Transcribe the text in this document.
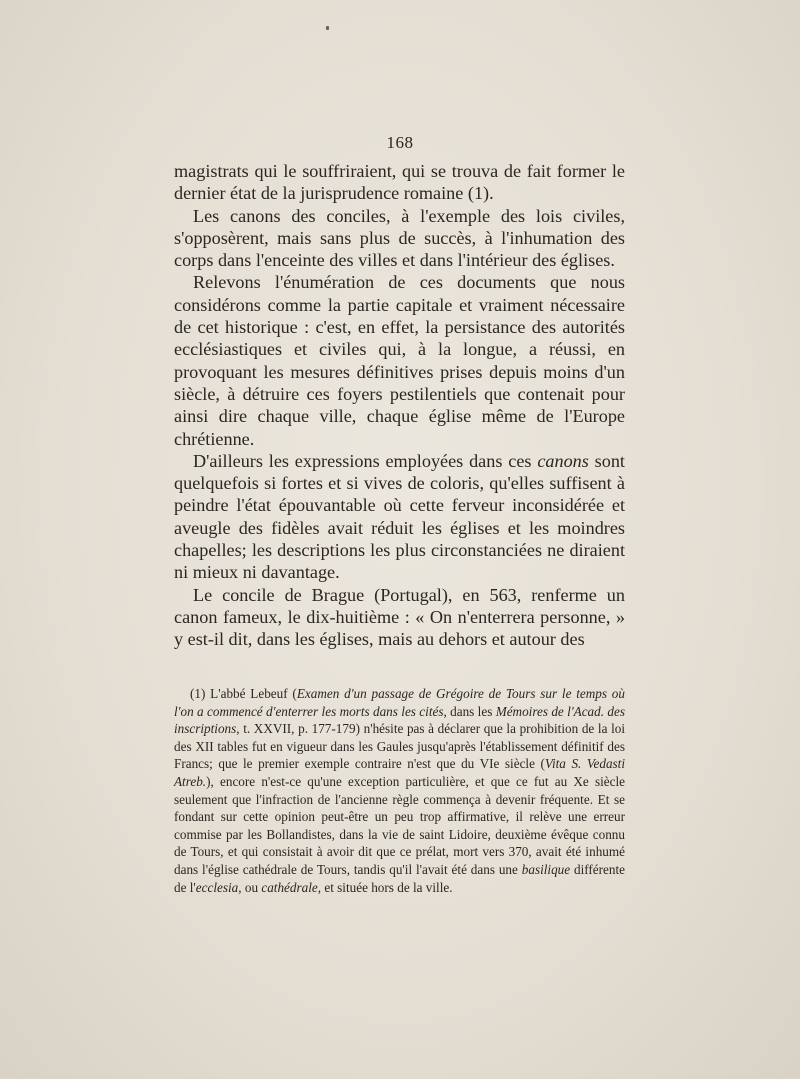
168

magistrats qui le souffriraient, qui se trouva de fait former le dernier état de la jurisprudence romaine (1).

Les canons des conciles, à l'exemple des lois civiles, s'opposèrent, mais sans plus de succès, à l'inhumation des corps dans l'enceinte des villes et dans l'intérieur des églises.

Relevons l'énumération de ces documents que nous considérons comme la partie capitale et vraiment nécessaire de cet historique : c'est, en effet, la persistance des autorités ecclésiastiques et civiles qui, à la longue, a réussi, en provoquant les mesures définitives prises depuis moins d'un siècle, à détruire ces foyers pestilentiels que contenait pour ainsi dire chaque ville, chaque église même de l'Europe chrétienne.

D'ailleurs les expressions employées dans ces canons sont quelquefois si fortes et si vives de coloris, qu'elles suffisent à peindre l'état épouvantable où cette ferveur inconsidérée et aveugle des fidèles avait réduit les églises et les moindres chapelles; les descriptions les plus circonstanciées ne diraient ni mieux ni davantage.

Le concile de Brague (Portugal), en 563, renferme un canon fameux, le dix-huitième : « On n'enterrera personne, » y est-il dit, dans les églises, mais au dehors et autour des

(1) L'abbé Lebeuf (Examen d'un passage de Grégoire de Tours sur le temps où l'on a commencé d'enterrer les morts dans les cités, dans les Mémoires de l'Acad. des inscriptions, t. XXVII, p. 177-179) n'hésite pas à déclarer que la prohibition de la loi des XII tables fut en vigueur dans les Gaules jusqu'après l'établissement définitif des Francs; que le premier exemple contraire n'est que du VIe siècle (Vita S. Vedasti Atreb.), encore n'est-ce qu'une exception particulière, et que ce fut au Xe siècle seulement que l'infraction de l'ancienne règle commença à devenir fréquente. Et se fondant sur cette opinion peut-être un peu trop affirmative, il relève une erreur commise par les Bollandistes, dans la vie de saint Lidoire, deuxième évêque connu de Tours, et qui consistait à avoir dit que ce prélat, mort vers 370, avait été inhumé dans l'église cathédrale de Tours, tandis qu'il l'avait été dans une basilique différente de l'ecclesia, ou cathédrale, et située hors de la ville.
